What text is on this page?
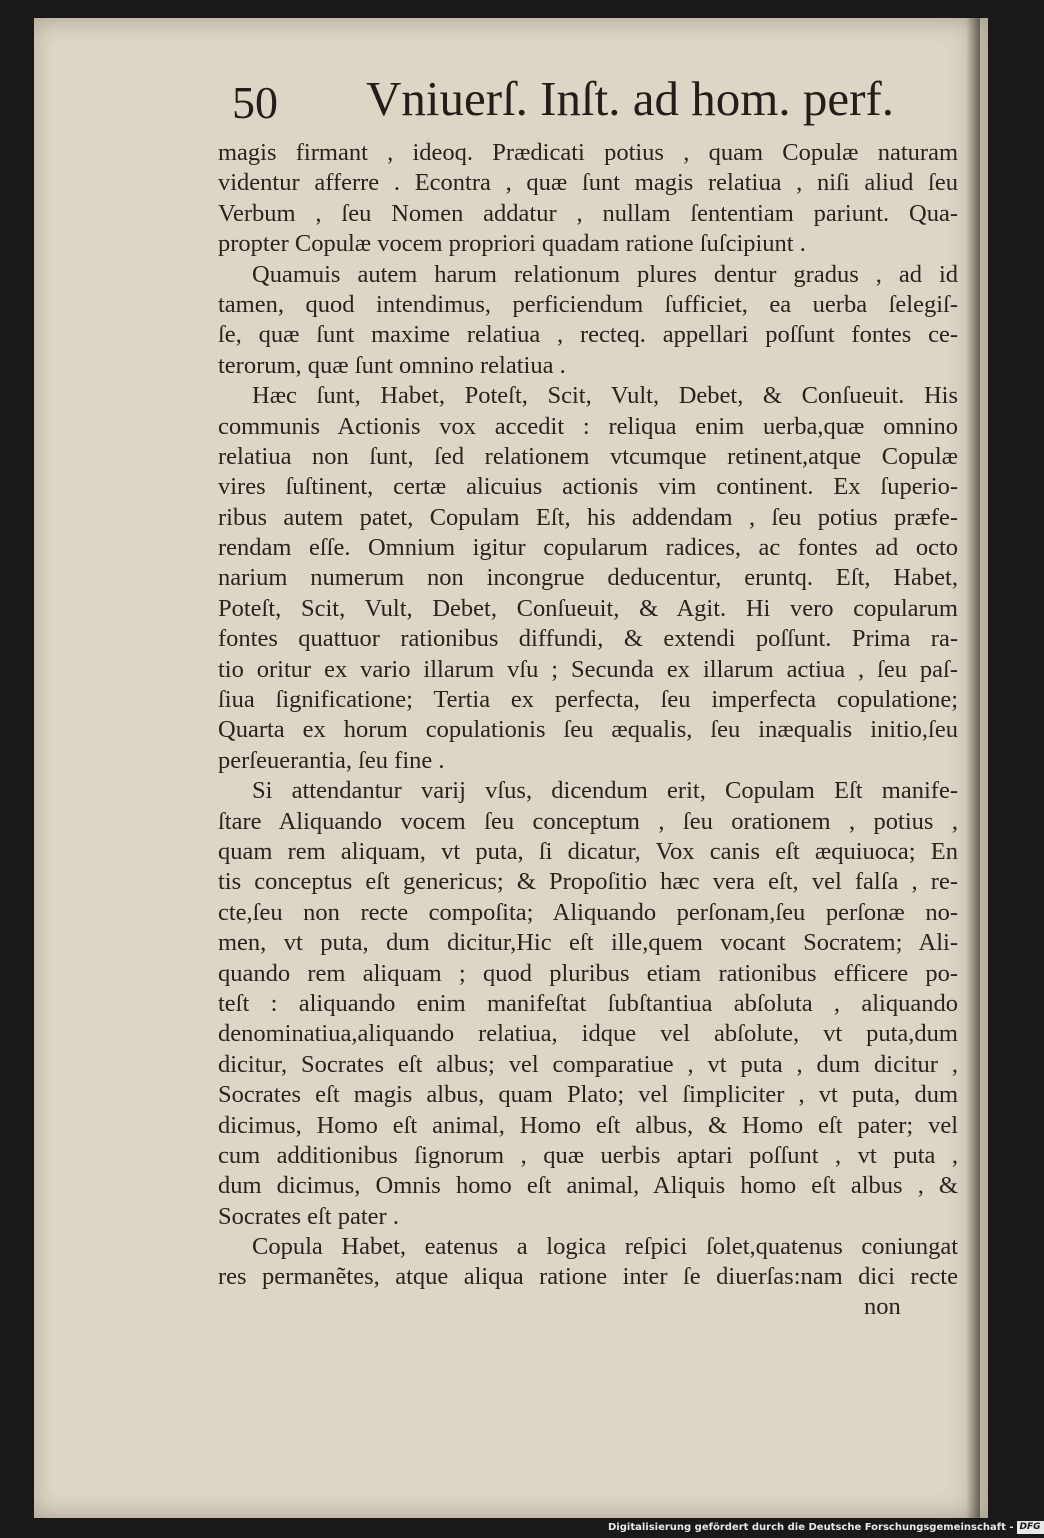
50 Vniuerſ. Inſt. ad hom. perf.
magis firmant , ideoq. Prædicati potius , quam Copulæ naturam
videntur afferre . Econtra , quæ ſunt magis relatiua , niſi aliud ſeu
Verbum , ſeu Nomen addatur , nullam ſententiam pariunt. Qua-
propter Copulæ vocem propriori quadam ratione ſuſcipiunt .
Quamuis autem harum relationum plures dentur gradus , ad id
tamen, quod intendimus, perficiendum ſufficiet, ea uerba ſelegiſ-
ſe, quæ ſunt maxime relatiua , recteq. appellari poſſunt fontes ce-
terorum, quæ ſunt omnino relatiua .
Hæc ſunt, Habet, Poteſt, Scit, Vult, Debet, & Conſueuit. His
communis Actionis vox accedit : reliqua enim uerba,quæ omnino
relatiua non ſunt, ſed relationem vtcumque retinent,atque Copulæ
vires ſuſtinent, certæ alicuius actionis vim continent. Ex ſuperio-
ribus autem patet, Copulam Eſt, his addendam , ſeu potius præfe-
rendam eſſe. Omnium igitur copularum radices, ac fontes ad octo
narium numerum non incongrue deducentur, eruntq. Eſt, Habet,
Poteſt, Scit, Vult, Debet, Conſueuit, & Agit. Hi vero copularum
fontes quattuor rationibus diffundi, & extendi poſſunt. Prima ra-
tio oritur ex vario illarum vſu ; Secunda ex illarum actiua , ſeu paſ-
ſiua ſignificatione; Tertia ex perfecta, ſeu imperfecta copulatione;
Quarta ex horum copulationis ſeu æqualis, ſeu inæqualis initio,ſeu
perſeuerantia, ſeu fine .
Si attendantur varij vſus, dicendum erit, Copulam Eſt manife-
ſtare Aliquando vocem ſeu conceptum , ſeu orationem , potius ,
quam rem aliquam, vt puta, ſi dicatur, Vox canis eſt æquiuoca; En
tis conceptus eſt genericus; & Propoſitio hæc vera eſt, vel falſa , re-
cte,ſeu non recte compoſita; Aliquando perſonam,ſeu perſonæ no-
men, vt puta, dum dicitur,Hic eſt ille,quem vocant Socratem; Ali-
quando rem aliquam ; quod pluribus etiam rationibus efficere po-
teſt : aliquando enim manifeſtat ſubſtantiua abſoluta , aliquando
denominatiua,aliquando relatiua, idque vel abſolute, vt puta,dum
dicitur, Socrates eſt albus; vel comparatiue , vt puta , dum dicitur ,
Socrates eſt magis albus, quam Plato; vel ſimpliciter , vt puta, dum
dicimus, Homo eſt animal, Homo eſt albus, & Homo eſt pater; vel
cum additionibus ſignorum , quæ uerbis aptari poſſunt , vt puta ,
dum dicimus, Omnis homo eſt animal, Aliquis homo eſt albus , &
Socrates eſt pater .
Copula Habet, eatenus a logica reſpici ſolet,quatenus coniungat
res permanẽtes, atque aliqua ratione inter ſe diuerſas:nam dici recte
non
Digitalisierung gefördert durch die Deutsche Forschungsgemeinschaft - DFG
